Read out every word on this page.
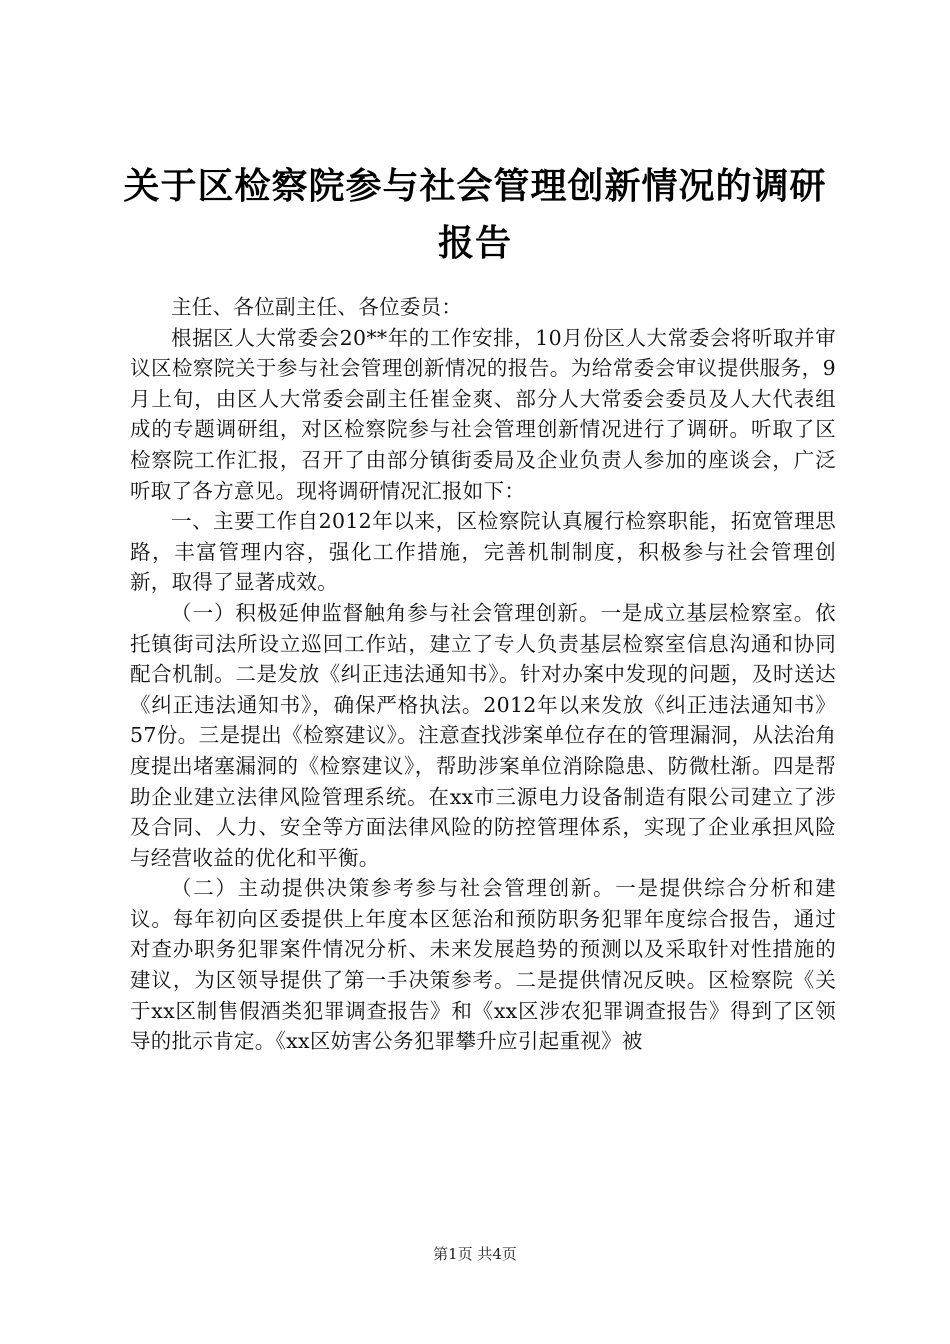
关于区检察院参与社会管理创新情况的调研报告

主任、各位副主任、各位委员：

根据区人大常委会20**年的工作安排，10月份区人大常委会将听取并审议区检察院关于参与社会管理创新情况的报告。为给常委会审议提供服务，9月上旬，由区人大常委会副主任崔金爽、部分人大常委会委员及人大代表组成的专题调研组，对区检察院参与社会管理创新情况进行了调研。听取了区检察院工作汇报，召开了由部分镇街委局及企业负责人参加的座谈会，广泛听取了各方意见。现将调研情况汇报如下：

一、主要工作自2012年以来，区检察院认真履行检察职能，拓宽管理思路，丰富管理内容，强化工作措施，完善机制制度，积极参与社会管理创新，取得了显著成效。

（一）积极延伸监督触角参与社会管理创新。一是成立基层检察室。依托镇街司法所设立巡回工作站，建立了专人负责基层检察室信息沟通和协同配合机制。二是发放《纠正违法通知书》。针对办案中发现的问题，及时送达《纠正违法通知书》，确保严格执法。2012年以来发放《纠正违法通知书》57份。三是提出《检察建议》。注意查找涉案单位存在的管理漏洞，从法治角度提出堵塞漏洞的《检察建议》，帮助涉案单位消除隐患、防微杜渐。四是帮助企业建立法律风险管理系统。在xx市三源电力设备制造有限公司建立了涉及合同、人力、安全等方面法律风险的防控管理体系，实现了企业承担风险与经营收益的优化和平衡。

（二）主动提供决策参考参与社会管理创新。一是提供综合分析和建议。每年初向区委提供上年度本区惩治和预防职务犯罪年度综合报告，通过对查办职务犯罪案件情况分析、未来发展趋势的预测以及采取针对性措施的建议，为区领导提供了第一手决策参考。二是提供情况反映。区检察院《关于xx区制售假酒类犯罪调查报告》和《xx区涉农犯罪调查报告》得到了区领导的批示肯定。《xx区妨害公务犯罪攀升应引起重视》被

第1页 共4页
